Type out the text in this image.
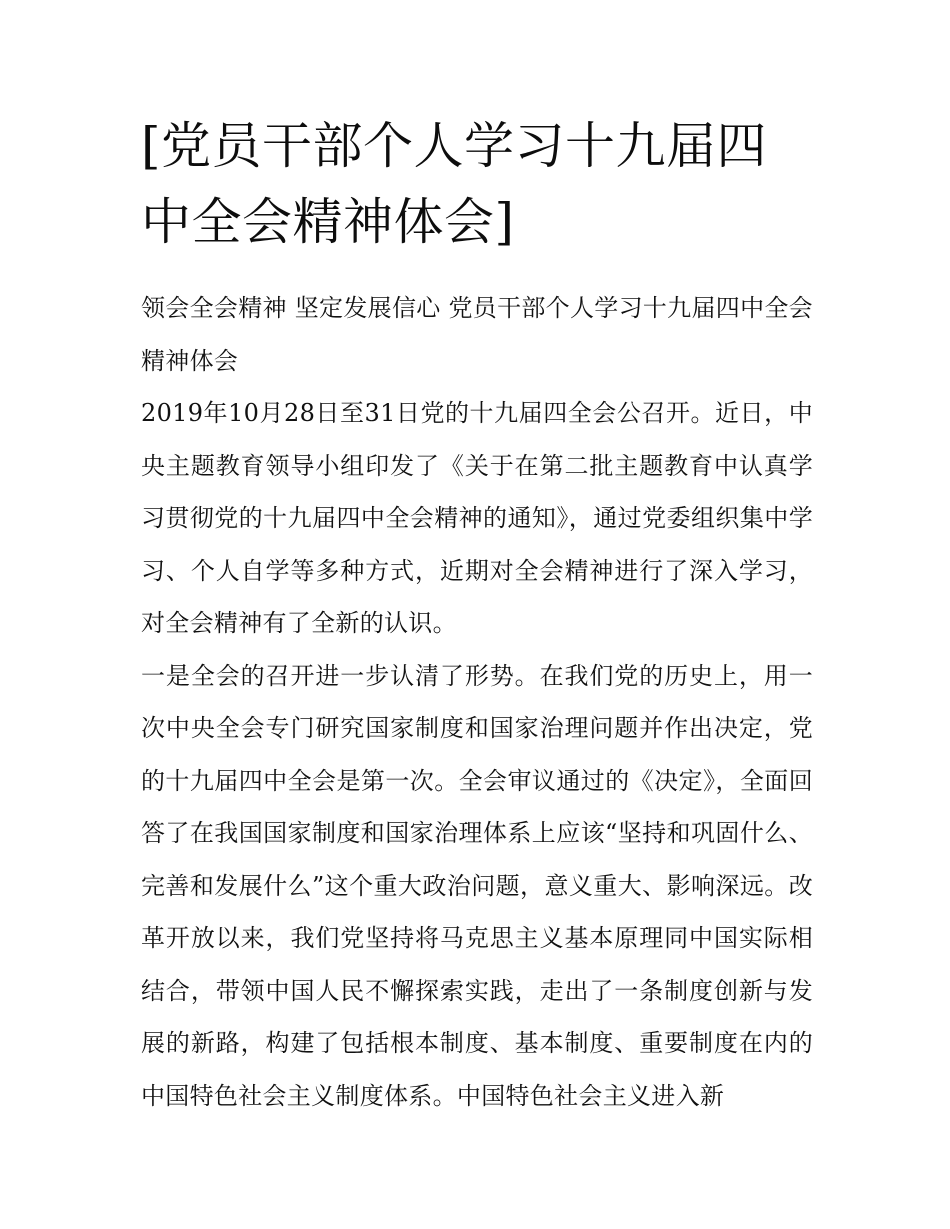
[党员干部个人学习十九届四中全会精神体会]

领会全会精神 坚定发展信心 党员干部个人学习十九届四中全会精神体会

2019年10月28日至31日党的十九届四全会公召开。近日，中央主题教育领导小组印发了《关于在第二批主题教育中认真学习贯彻党的十九届四中全会精神的通知》，通过党委组织集中学习、个人自学等多种方式，近期对全会精神进行了深入学习，对全会精神有了全新的认识。

一是全会的召开进一步认清了形势。在我们党的历史上，用一次中央全会专门研究国家制度和国家治理问题并作出决定，党的十九届四中全会是第一次。全会审议通过的《决定》，全面回答了在我国国家制度和国家治理体系上应该“坚持和巩固什么、完善和发展什么”这个重大政治问题，意义重大、影响深远。改革开放以来，我们党坚持将马克思主义基本原理同中国实际相结合，带领中国人民不懈探索实践，走出了一条制度创新与发展的新路，构建了包括根本制度、基本制度、重要制度在内的中国特色社会主义制度体系。中国特色社会主义进入新
